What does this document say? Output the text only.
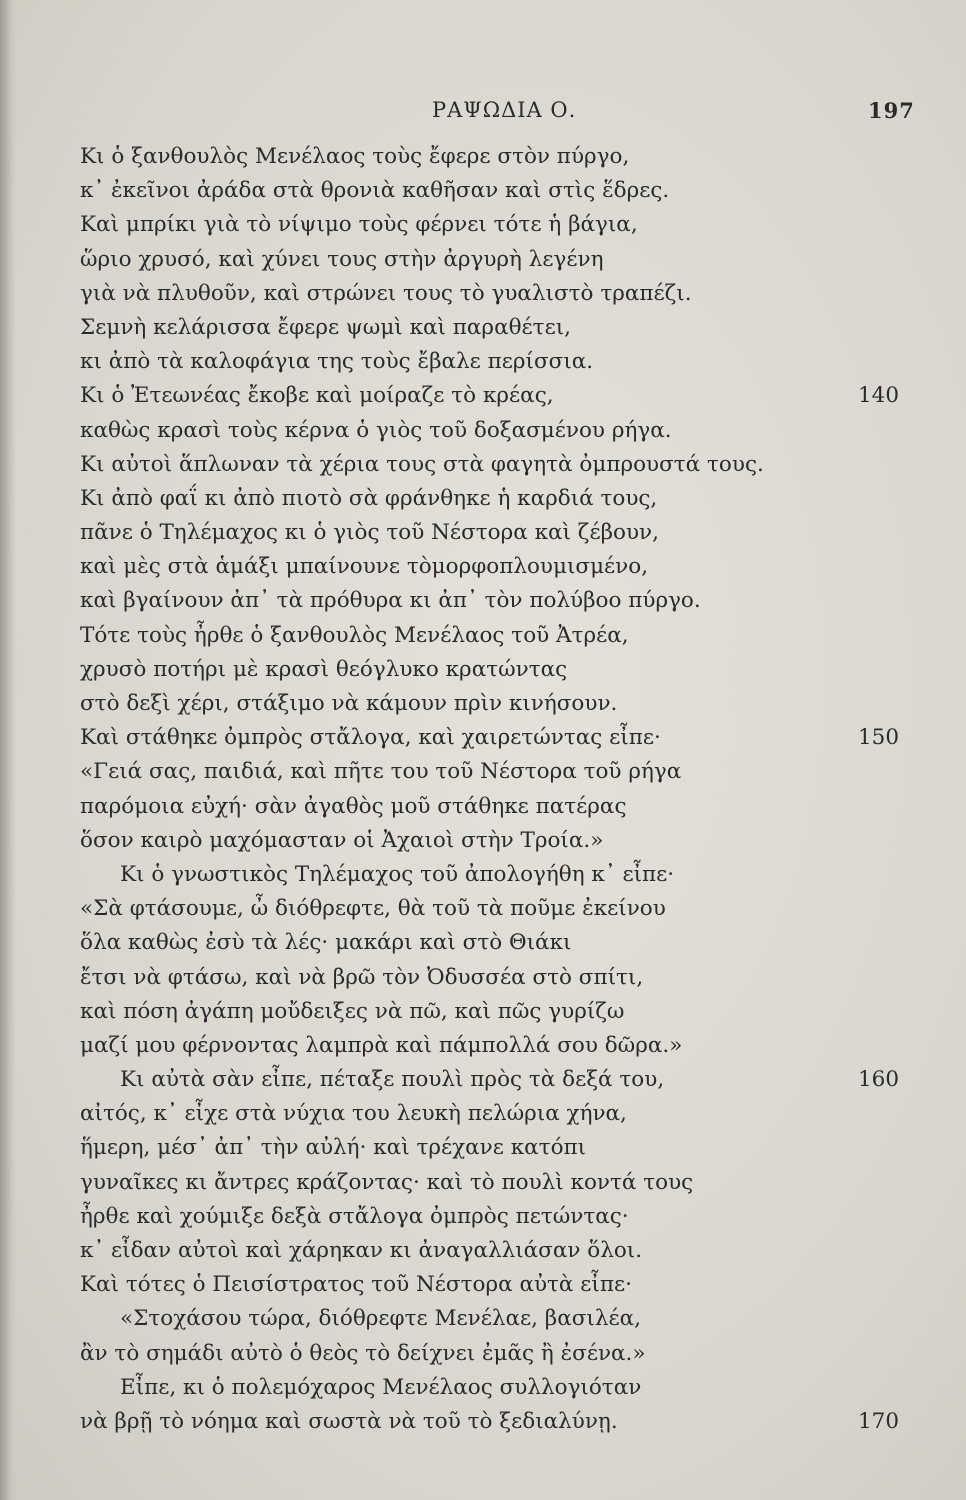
ΡΑΨΩΔΙΑ Ο.	197
Κι ὁ ξανθουλὸς Μενέλαος τοὺς ἔφερε στὸν πύργο,
κ᾽ ἐκεῖνοι ἀράδα στὰ θρονιὰ καθῆσαν καὶ στὶς ἕδρες.
Καὶ μπρίκι γιὰ τὸ νίψιμο τοὺς φέρνει τότε ἡ βάγια,
ὥριο χρυσό, καὶ χύνει τους στὴν ἀργυρὴ λεγένη
γιὰ νὰ πλυθοῦν, καὶ στρώνει τους τὸ γυαλιστὸ τραπέζι.
Σεμνὴ κελάρισσα ἔφερε ψωμὶ καὶ παραθέτει,
κι ἀπὸ τὰ καλοφάγια της τοὺς ἔβαλε περίσσια.
Κι ὁ Ἐτεωνέας ἔκοβε καὶ μοίραζε τὸ κρέας,	140
καθὼς κρασὶ τοὺς κέρνα ὁ γιὸς τοῦ δοξασμένου ρήγα.
Κι αὐτοὶ ἅπλωναν τὰ χέρια τους στὰ φαγητὰ ὀμπρουστά τους.
Κι ἀπὸ φαΐ κι ἀπὸ πιοτὸ σὰ φράνθηκε ἡ καρδιά τους,
πᾶνε ὁ Τηλέμαχος κι ὁ γιὸς τοῦ Νέστορα καὶ ζέβουν,
καὶ μὲς στὰ ἁμάξι μπαίνουνε τὸμορφοπλουμισμένο,
καὶ βγαίνουν ἀπ᾽ τὰ πρόθυρα κι ἀπ᾽ τὸν πολύβοο πύργο.
Τότε τοὺς ἦρθε ὁ ξανθουλὸς Μενέλαος τοῦ Ἀτρέα,
χρυσὸ ποτήρι μὲ κρασὶ θεόγλυκο κρατώντας
στὸ δεξὶ χέρι, στάξιμο νὰ κάμουν πρὶν κινήσουν.
Καὶ στάθηκε ὀμπρὸς στἄλογα, καὶ χαιρετώντας εἶπε·	150
«Γειά σας, παιδιά, καὶ πῆτε του τοῦ Νέστορα τοῦ ρήγα
παρόμοια εὐχή· σὰν ἀγαθὸς μοῦ στάθηκε πατέρας
ὅσον καιρὸ μαχόμασταν οἱ Ἀχαιοὶ στὴν Τροία.»
Κι ὁ γνωστικὸς Τηλέμαχος τοῦ ἀπολογήθη κ᾽ εἶπε·
«Σὰ φτάσουμε, ὦ διόθρεφτε, θὰ τοῦ τὰ ποῦμε ἐκείνου
ὅλα καθὼς ἐσὺ τὰ λές· μακάρι καὶ στὸ Θιάκι
ἔτσι νὰ φτάσω, καὶ νὰ βρῶ τὸν Ὀδυσσέα στὸ σπίτι,
καὶ πόση ἀγάπη μοὔδειξες νὰ πῶ, καὶ πῶς γυρίζω
μαζί μου φέρνοντας λαμπρὰ καὶ πάμπολλά σου δῶρα.»
Κι αὐτὰ σὰν εἶπε, πέταξε πουλὶ πρὸς τὰ δεξά του,	160
αἰτός, κ᾽ εἶχε στὰ νύχια του λευκὴ πελώρια χήνα,
ἥμερη, μέσ᾽ ἀπ᾽ τὴν αὐλή· καὶ τρέχανε κατόπι
γυναῖκες κι ἄντρες κράζοντας· καὶ τὸ πουλὶ κοντά τους
ἦρθε καὶ χούμιξε δεξὰ στἄλογα ὀμπρὸς πετώντας·
κ᾽ εἶδαν αὐτοὶ καὶ χάρηκαν κι ἀναγαλλιάσαν ὅλοι.
Καὶ τότες ὁ Πεισίστρατος τοῦ Νέστορα αὐτὰ εἶπε·
«Στοχάσου τώρα, διόθρεφτε Μενέλαε, βασιλέα,
ἂν τὸ σημάδι αὐτὸ ὁ θεὸς τὸ δείχνει ἐμᾶς ἢ ἐσένα.»
Εἶπε, κι ὁ πολεμόχαρος Μενέλαος συλλογιόταν
νὰ βρῇ τὸ νόημα καὶ σωστὰ νὰ τοῦ τὸ ξεδιαλύνῃ.	170
